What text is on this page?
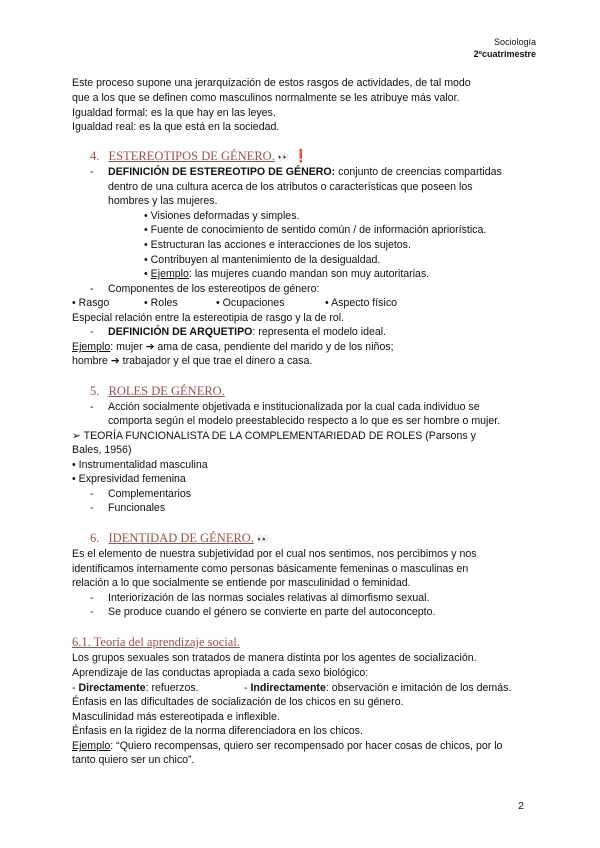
Sociología
2ºcuatrimestre
Este proceso supone una jerarquización de estos rasgos de actividades, de tal modo
que a los que se definen como masculinos normalmente se les atribuye más valor.
Igualdad formal: es la que hay en las leyes.
Igualdad real: es la que está en la sociedad.
4. ESTEREOTIPOS DE GÉNERO. 👀 ❗
- DEFINICIÓN DE ESTEREOTIPO DE GÉNERO: conjunto de creencias compartidas
dentro de una cultura acerca de los atributos o características que poseen los
hombres y las mujeres.
• Visiones deformadas y simples.
• Fuente de conocimiento de sentido común / de información apriorística.
• Estructuran las acciones e interacciones de los sujetos.
• Contribuyen al mantenimiento de la desigualdad.
• Ejemplo: las mujeres cuando mandan son muy autoritarias.
- Componentes de los estereotipos de género:
• Rasgo	• Roles	• Ocupaciones	• Aspecto físico
Especial relación entre la estereotipia de rasgo y la de rol.
- DEFINICIÓN DE ARQUETIPO: representa el modelo ideal.
Ejemplo: mujer ➔ ama de casa, pendiente del marido y de los niños;
hombre ➔ trabajador y el que trae el dinero a casa.
5. ROLES DE GÉNERO.
- Acción socialmente objetivada e institucionalizada por la cual cada individuo se
comporta según el modelo preestablecido respecto a lo que es ser hombre o mujer.
➢ TEORÍA FUNCIONALISTA DE LA COMPLEMENTARIEDAD DE ROLES (Parsons y
Bales, 1956)
• Instrumentalidad masculina
• Expresividad femenina
- Complementarios
- Funcionales
6. IDENTIDAD DE GÉNERO. 👀
Es el elemento de nuestra subjetividad por el cual nos sentimos, nos percibimos y nos
identificamos internamente como personas básicamente femeninas o masculinas en
relación a lo que socialmente se entiende por masculinidad o feminidad.
- Interiorización de las normas sociales relativas al dimorfismo sexual.
- Se produce cuando el género se convierte en parte del autoconcepto.
6.1. Teoría del aprendizaje social.
Los grupos sexuales son tratados de manera distinta por los agentes de socialización.
Aprendizaje de las conductas apropiada a cada sexo biológico:
- Directamente: refuerzos.	- Indirectamente: observación e imitación de los demás.
Énfasis en las dificultades de socialización de los chicos en su género.
Masculinidad más estereotipada e inflexible.
Énfasis en la rigidez de la norma diferenciadora en los chicos.
Ejemplo: “Quiero recompensas, quiero ser recompensado por hacer cosas de chicos, por lo
tanto quiero ser un chico”.
2
